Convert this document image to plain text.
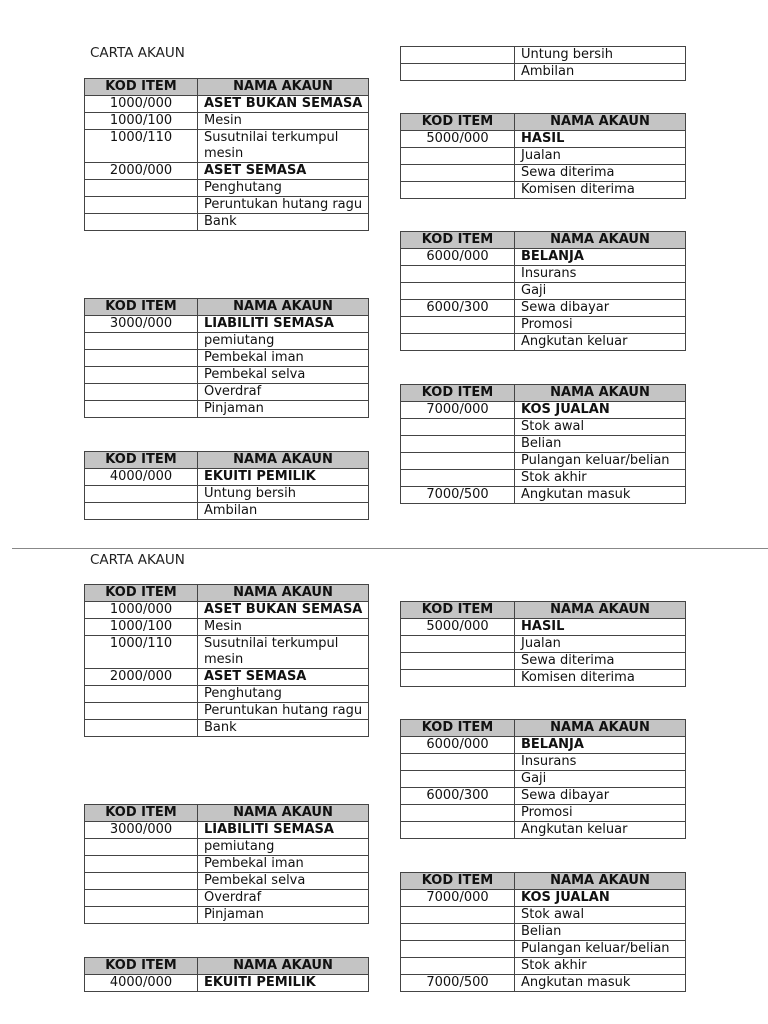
CARTA AKAUN
KOD ITEM	NAMA AKAUN
1000/000	ASET BUKAN SEMASA
1000/100	Mesin
1000/110	Susutnilai terkumpul mesin
2000/000	ASET SEMASA
	Penghutang
	Peruntukan hutang ragu
	Bank
KOD ITEM	NAMA AKAUN
3000/000	LIABILITI SEMASA
	pemiutang
	Pembekal iman
	Pembekal selva
	Overdraf
	Pinjaman
KOD ITEM	NAMA AKAUN
4000/000	EKUITI PEMILIK
	Untung bersih
	Ambilan
	Untung bersih
	Ambilan
KOD ITEM	NAMA AKAUN
5000/000	HASIL
	Jualan
	Sewa diterima
	Komisen diterima
KOD ITEM	NAMA AKAUN
6000/000	BELANJA
	Insurans
	Gaji
6000/300	Sewa dibayar
	Promosi
	Angkutan keluar
KOD ITEM	NAMA AKAUN
7000/000	KOS JUALAN
	Stok awal
	Belian
	Pulangan keluar/belian
	Stok akhir
7000/500	Angkutan masuk
CARTA AKAUN
KOD ITEM	NAMA AKAUN
1000/000	ASET BUKAN SEMASA
1000/100	Mesin
1000/110	Susutnilai terkumpul mesin
2000/000	ASET SEMASA
	Penghutang
	Peruntukan hutang ragu
	Bank
KOD ITEM	NAMA AKAUN
3000/000	LIABILITI SEMASA
	pemiutang
	Pembekal iman
	Pembekal selva
	Overdraf
	Pinjaman
KOD ITEM	NAMA AKAUN
4000/000	EKUITI PEMILIK
KOD ITEM	NAMA AKAUN
5000/000	HASIL
	Jualan
	Sewa diterima
	Komisen diterima
KOD ITEM	NAMA AKAUN
6000/000	BELANJA
	Insurans
	Gaji
6000/300	Sewa dibayar
	Promosi
	Angkutan keluar
KOD ITEM	NAMA AKAUN
7000/000	KOS JUALAN
	Stok awal
	Belian
	Pulangan keluar/belian
	Stok akhir
7000/500	Angkutan masuk
